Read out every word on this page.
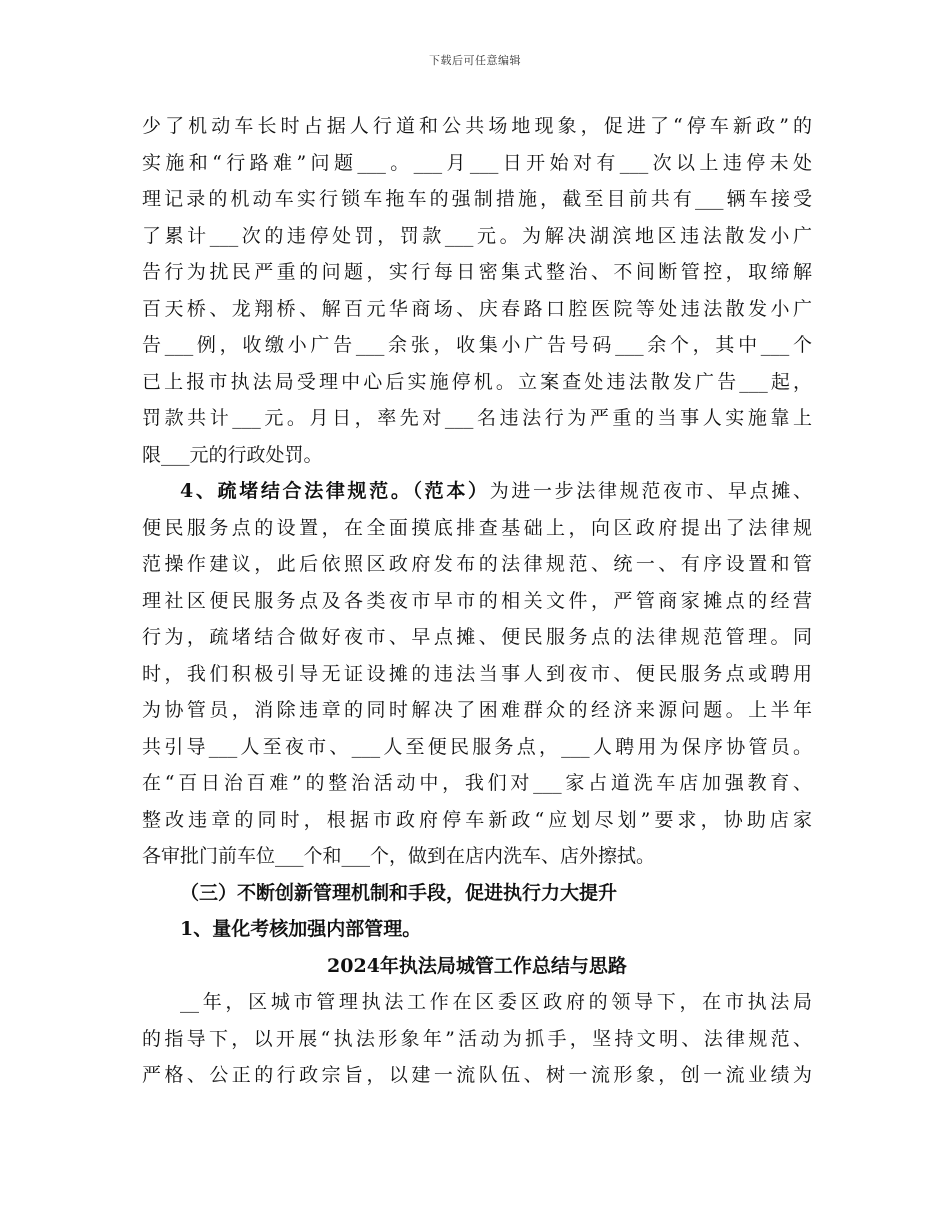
下载后可任意编辑
少了机动车长时占据人行道和公共场地现象，促进了“停车新政”的
实施和“行路难”问题___。___月___日开始对有___次以上违停未处
理记录的机动车实行锁车拖车的强制措施，截至目前共有___辆车接受
了累计___次的违停处罚，罚款___元。为解决湖滨地区违法散发小广
告行为扰民严重的问题，实行每日密集式整治、不间断管控，取缔解
百天桥、龙翔桥、解百元华商场、庆春路口腔医院等处违法散发小广
告___例，收缴小广告___余张，收集小广告号码___余个，其中___个
已上报市执法局受理中心后实施停机。立案查处违法散发广告___起，
罚款共计___元。月日，率先对___名违法行为严重的当事人实施靠上
限___元的行政处罚。
4、疏堵结合法律规范。（范本）为进一步法律规范夜市、早点摊、
便民服务点的设置，在全面摸底排查基础上，向区政府提出了法律规
范操作建议，此后依照区政府发布的法律规范、统一、有序设置和管
理社区便民服务点及各类夜市早市的相关文件，严管商家摊点的经营
行为，疏堵结合做好夜市、早点摊、便民服务点的法律规范管理。同
时，我们积极引导无证设摊的违法当事人到夜市、便民服务点或聘用
为协管员，消除违章的同时解决了困难群众的经济来源问题。上半年
共引导___人至夜市、___人至便民服务点，___人聘用为保序协管员。
在“百日治百难”的整治活动中，我们对___家占道洗车店加强教育、
整改违章的同时，根据市政府停车新政“应划尽划”要求，协助店家
各审批门前车位___个和___个，做到在店内洗车、店外擦拭。
（三）不断创新管理机制和手段，促进执行力大提升
1、量化考核加强内部管理。
2024年执法局城管工作总结与思路
__年，区城市管理执法工作在区委区政府的领导下，在市执法局
的指导下，以开展“执法形象年”活动为抓手，坚持文明、法律规范、
严格、公正的行政宗旨，以建一流队伍、树一流形象，创一流业绩为
